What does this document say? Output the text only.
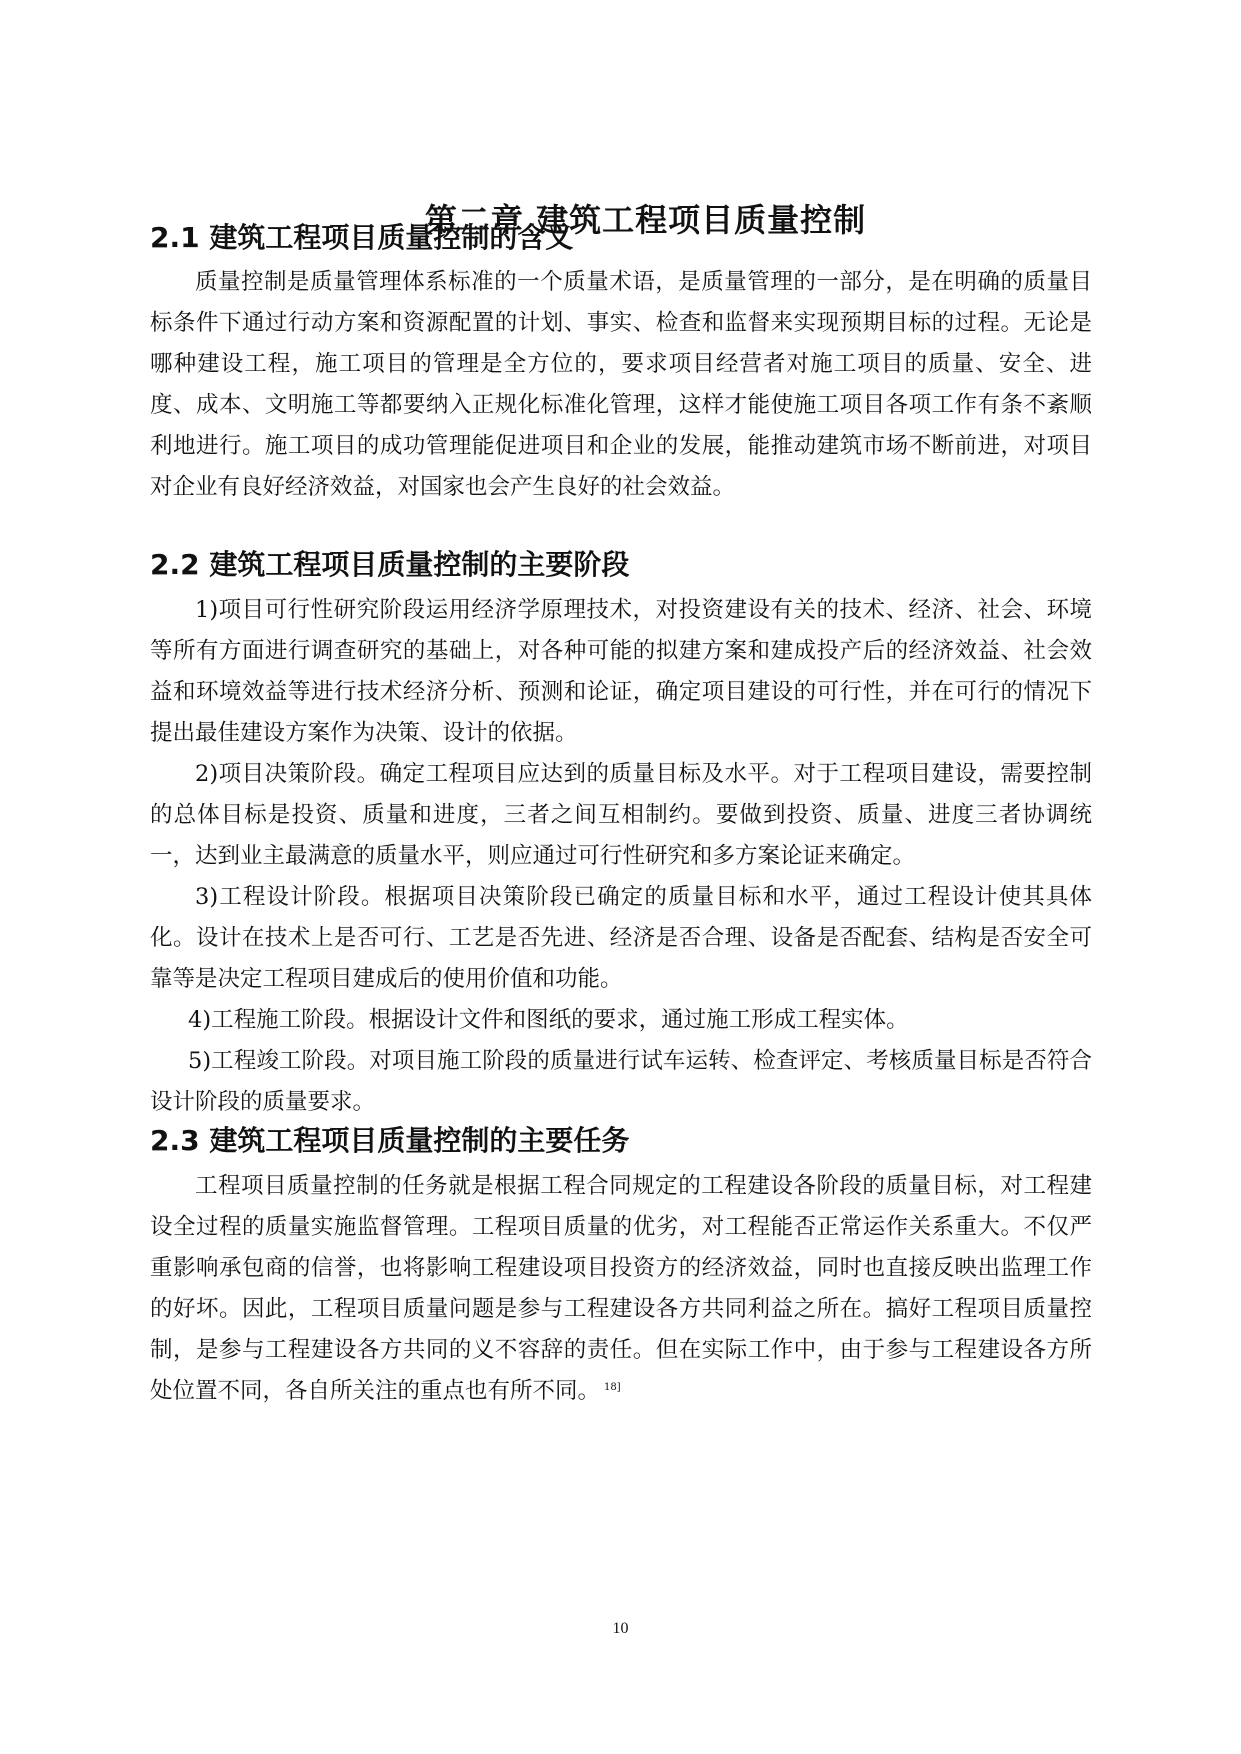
第二章 建筑工程项目质量控制
2.1 建筑工程项目质量控制的含义

质量控制是质量管理体系标准的一个质量术语，是质量管理的一部分，是在明确的质量目标条件下通过行动方案和资源配置的计划、事实、检查和监督来实现预期目标的过程。无论是哪种建设工程，施工项目的管理是全方位的，要求项目经营者对施工项目的质量、安全、进度、成本、文明施工等都要纳入正规化标准化管理，这样才能使施工项目各项工作有条不紊顺利地进行。施工项目的成功管理能促进项目和企业的发展，能推动建筑市场不断前进，对项目对企业有良好经济效益，对国家也会产生良好的社会效益。

2.2 建筑工程项目质量控制的主要阶段

1)项目可行性研究阶段运用经济学原理技术，对投资建设有关的技术、经济、社会、环境等所有方面进行调查研究的基础上，对各种可能的拟建方案和建成投产后的经济效益、社会效益和环境效益等进行技术经济分析、预测和论证，确定项目建设的可行性，并在可行的情况下提出最佳建设方案作为决策、设计的依据。

2)项目决策阶段。确定工程项目应达到的质量目标及水平。对于工程项目建设，需要控制的总体目标是投资、质量和进度，三者之间互相制约。要做到投资、质量、进度三者协调统一，达到业主最满意的质量水平，则应通过可行性研究和多方案论证来确定。

3)工程设计阶段。根据项目决策阶段已确定的质量目标和水平，通过工程设计使其具体化。设计在技术上是否可行、工艺是否先进、经济是否合理、设备是否配套、结构是否安全可靠等是决定工程项目建成后的使用价值和功能。

4)工程施工阶段。根据设计文件和图纸的要求，通过施工形成工程实体。

5)工程竣工阶段。对项目施工阶段的质量进行试车运转、检查评定、考核质量目标是否符合设计阶段的质量要求。

2.3 建筑工程项目质量控制的主要任务

工程项目质量控制的任务就是根据工程合同规定的工程建设各阶段的质量目标，对工程建设全过程的质量实施监督管理。工程项目质量的优劣，对工程能否正常运作关系重大。不仅严重影响承包商的信誉，也将影响工程建设项目投资方的经济效益，同时也直接反映出监理工作的好坏。因此，工程项目质量问题是参与工程建设各方共同利益之所在。搞好工程项目质量控制，是参与工程建设各方共同的义不容辞的责任。但在实际工作中，由于参与工程建设各方所处位置不同，各自所关注的重点也有所不同。 $^{18]}$

10
